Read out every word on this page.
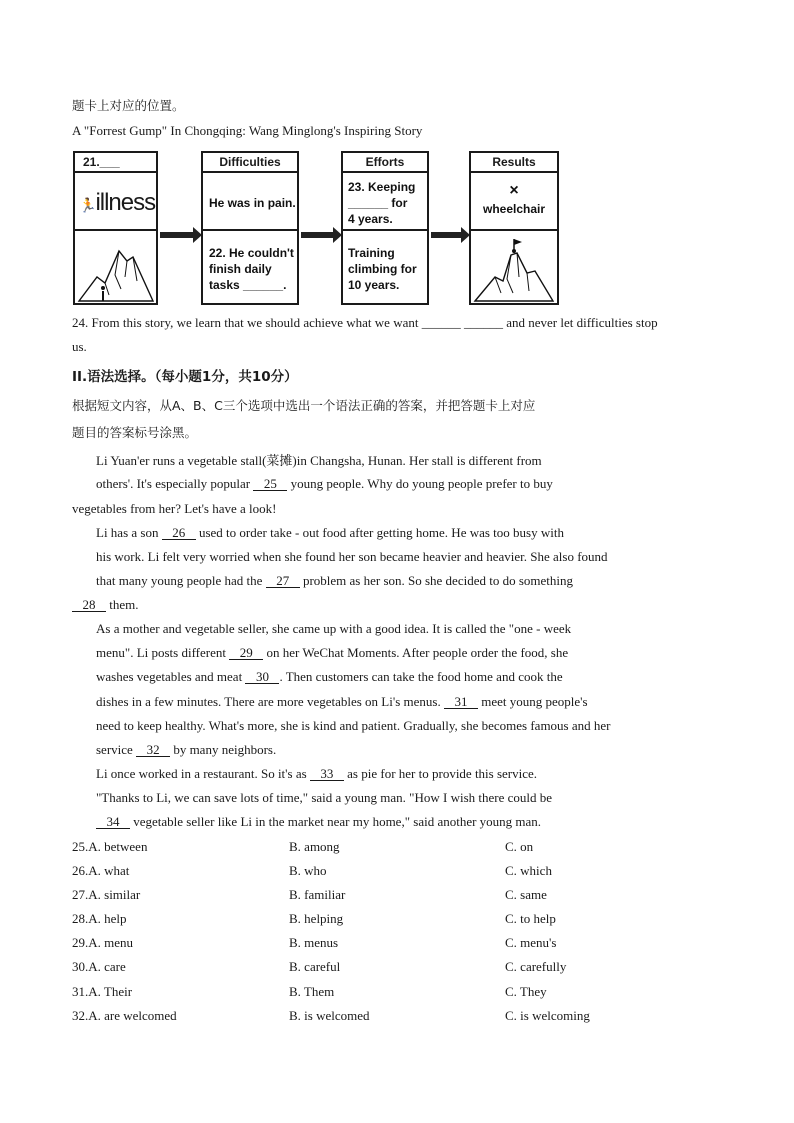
题卡上对应的位置。
A "Forrest Gump" In Chongqing: Wang Minglong's Inspiring Story
21.___
🏃illness
Difficulties
He was in pain.
22. He couldn't
finish daily
tasks ______.
Efforts
23. Keeping
______ for
4 years.
Training
climbing for
10 years.
Results
×
wheelchair
24. From this story, we learn that we should achieve what we want ______ ______ and never let difficulties stop
us.
II.语法选择。（每小题1分，共10分）
根据短文内容，从A、B、C三个选项中选出一个语法正确的答案，并把答题卡上对应
题目的答案标号涂黑。
Li Yuan'er runs a vegetable stall(菜摊)in Changsha, Hunan. Her stall is different from
others'. It's especially popular 25 young people. Why do young people prefer to buy
vegetables from her? Let's have a look!
Li has a son 26 used to order take - out food after getting home. He was too busy with
his work. Li felt very worried when she found her son became heavier and heavier. She also found
that many young people had the 27 problem as her son. So she decided to do something
28 them.
As a mother and vegetable seller, she came up with a good idea. It is called the "one - week
menu". Li posts different 29 on her WeChat Moments. After people order the food, she
washes vegetables and meat 30 . Then customers can take the food home and cook the
dishes in a few minutes. There are more vegetables on Li's menus. 31 meet young people's
need to keep healthy. What's more, she is kind and patient. Gradually, she becomes famous and her
service 32 by many neighbors.
Li once worked in a restaurant. So it's as 33 as pie for her to provide this service.
"Thanks to Li, we can save lots of time," said a young man. "How I wish there could be
34 vegetable seller like Li in the market near my home," said another young man.
25.A. between	B. among	C. on
26.A. what	B. who	C. which
27.A. similar	B. familiar	C. same
28.A. help	B. helping	C. to help
29.A. menu	B. menus	C. menu's
30.A. care	B. careful	C. carefully
31.A. Their	B. Them	C. They
32.A. are welcomed	B. is welcomed	C. is welcoming
